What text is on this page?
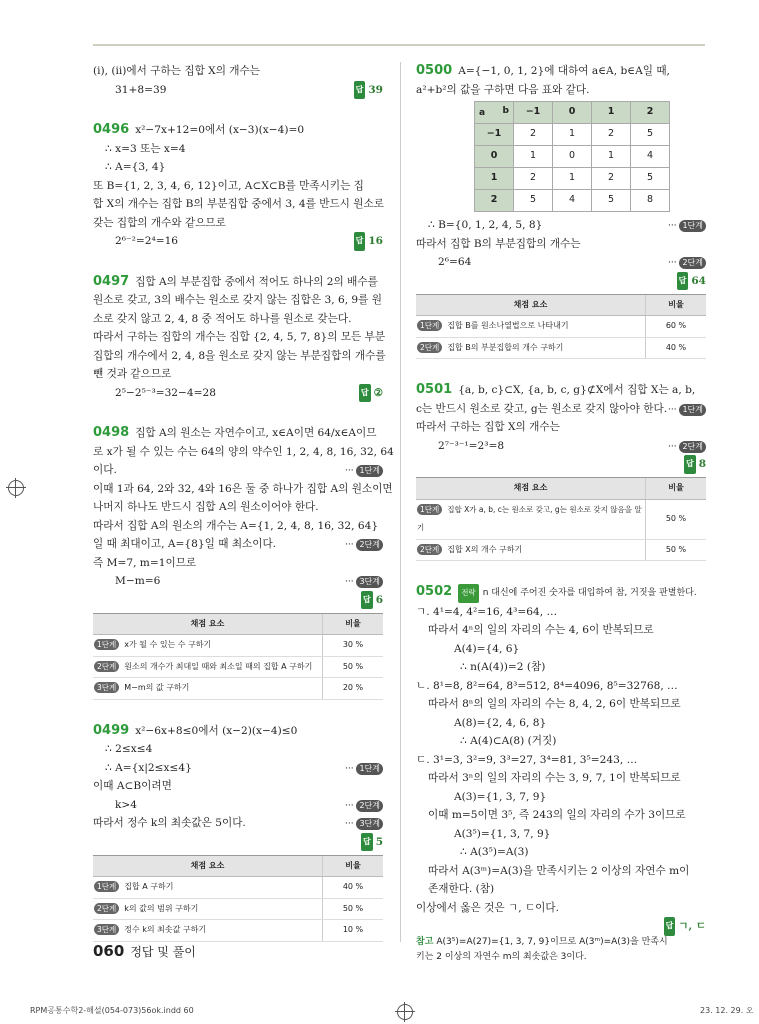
(i), (ii)에서 구하는 집합 X의 개수는
31+8=39	답 39
0496 x²−7x+12=0에서 (x−3)(x−4)=0
∴ x=3 또는 x=4
∴ A={3, 4}
또 B={1, 2, 3, 4, 6, 12}이고, A⊂X⊂B를 만족시키는 집
합 X의 개수는 집합 B의 부분집합 중에서 3, 4를 반드시 원소로
갖는 집합의 개수와 같으므로
2⁶⁻²=2⁴=16	답 16
0497 집합 A의 부분집합 중에서 적어도 하나의 2의 배수를
원소로 갖고, 3의 배수는 원소로 갖지 않는 집합은 3, 6, 9를 원
소로 갖지 않고 2, 4, 8 중 적어도 하나를 원소로 갖는다.
따라서 구하는 집합의 개수는 집합 {2, 4, 5, 7, 8}의 모든 부분
집합의 개수에서 2, 4, 8을 원소로 갖지 않는 부분집합의 개수를
뺀 것과 같으므로
2⁵−2⁵⁻³=32−4=28	답 ②
0498 집합 A의 원소는 자연수이고, x∈A이면 64/x∈A이므
로 x가 될 수 있는 수는 64의 양의 약수인 1, 2, 4, 8, 16, 32, 64
이다.	··· 1단계
이때 1과 64, 2와 32, 4와 16은 둘 중 하나가 집합 A의 원소이면
나머지 하나도 반드시 집합 A의 원소이어야 한다.
따라서 집합 A의 원소의 개수는 A={1, 2, 4, 8, 16, 32, 64}
일 때 최대이고, A={8}일 때 최소이다.	··· 2단계
즉 M=7, m=1이므로
M−m=6	··· 3단계
답 6
채점 요소	비율
1단계 x가 될 수 있는 수 구하기	30 %
2단계 원소의 개수가 최대일 때와 최소일 때의 집합 A 구하기	50 %
3단계 M−m의 값 구하기	20 %
0499 x²−6x+8≤0에서 (x−2)(x−4)≤0
∴ 2≤x≤4
∴ A={x|2≤x≤4}	··· 1단계
이때 A⊂B이려면
k>4	··· 2단계
따라서 정수 k의 최솟값은 5이다.	··· 3단계
답 5
채점 요소	비율
1단계 집합 A 구하기	40 %
2단계 k의 값의 범위 구하기	50 %
3단계 정수 k의 최솟값 구하기	10 %
0500 A={−1, 0, 1, 2}에 대하여 a∈A, b∈A일 때,
a²+b²의 값을 구하면 다음 표와 같다.
a b	−1	0	1	2
−1	2	1	2	5
0	1	0	1	4
1	2	1	2	5
2	5	4	5	8
∴ B={0, 1, 2, 4, 5, 8}	··· 1단계
따라서 집합 B의 부분집합의 개수는
2⁶=64	··· 2단계
답 64
채점 요소	비율
1단계 집합 B를 원소나열법으로 나타내기	60 %
2단계 집합 B의 부분집합의 개수 구하기	40 %
0501 {a, b, c}⊂X, {a, b, c, g}⊄X에서 집합 X는 a, b,
c는 반드시 원소로 갖고, g는 원소로 갖지 않아야 한다. ··· 1단계
따라서 구하는 집합 X의 개수는
2⁷⁻³⁻¹=2³=8	··· 2단계
답 8
채점 요소	비율
1단계 집합 X가 a, b, c는 원소로 갖고, g는 원소로 갖지 않음을 알기	50 %
2단계 집합 X의 개수 구하기	50 %
0502 전략 n 대신에 주어진 숫자를 대입하여 참, 거짓을 판별한다.
ㄱ. 4¹=4, 4²=16, 4³=64, …
따라서 4ⁿ의 일의 자리의 수는 4, 6이 반복되므로
A(4)={4, 6}
∴ n(A(4))=2 (참)
ㄴ. 8¹=8, 8²=64, 8³=512, 8⁴=4096, 8⁵=32768, …
따라서 8ⁿ의 일의 자리의 수는 8, 4, 2, 6이 반복되므로
A(8)={2, 4, 6, 8}
∴ A(4)⊂A(8) (거짓)
ㄷ. 3¹=3, 3²=9, 3³=27, 3⁴=81, 3⁵=243, …
따라서 3ⁿ의 일의 자리의 수는 3, 9, 7, 1이 반복되므로
A(3)={1, 3, 7, 9}
이때 m=5이면 3⁵, 즉 243의 일의 자리의 수가 3이므로
A(3⁵)={1, 3, 7, 9}
∴ A(3⁵)=A(3)
따라서 A(3ᵐ)=A(3)을 만족시키는 2 이상의 자연수 m이
존재한다. (참)
이상에서 옳은 것은 ㄱ, ㄷ이다.
답 ㄱ, ㄷ
참고 A(3⁵)=A(27)={1, 3, 7, 9}이므로 A(3ᵐ)=A(3)을 만족시
키는 2 이상의 자연수 m의 최솟값은 3이다.
060 정답 및 풀이
RPM공통수학2-해설(054-073)56ok.indd 60	23. 12. 29. 오
